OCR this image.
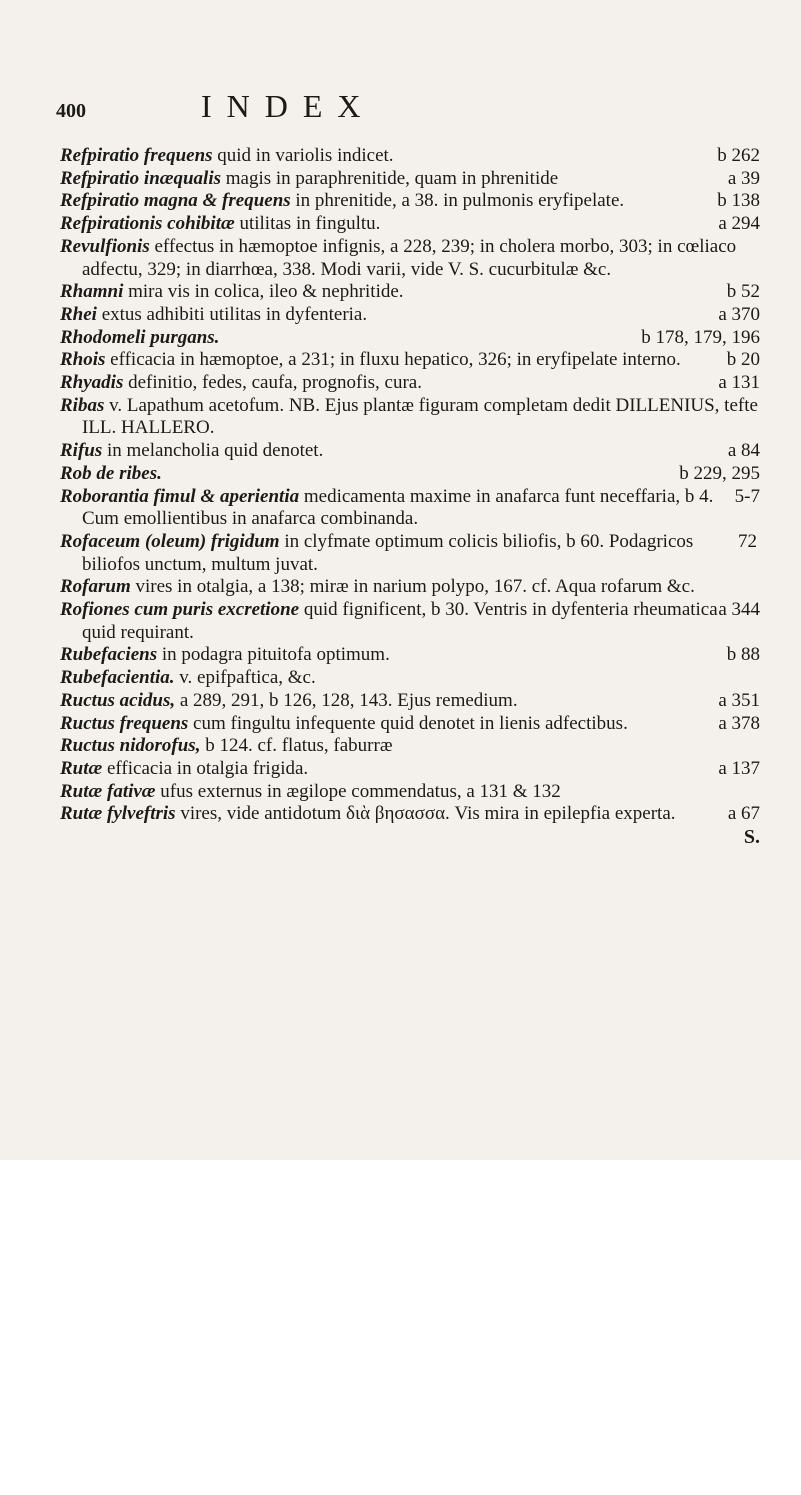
400	INDEX
b 262
Refpiratio frequens quid in variolis indicet.
a 39
Refpiratio inæqualis magis in paraphrenitide, quam in phrenitide
b 138
Refpiratio magna & frequens in phrenitide, a 38. in pulmonis eryfipelate.
a 294
Refpirationis cohibitæ utilitas in fingultu.
Revulfionis effectus in hæmoptoe infignis, a 228, 239; in cholera morbo, 303; in cœliaco adfectu, 329; in diarrhœa, 338. Modi varii, vide V. S. cucurbitulæ &c.
b 52
Rhamni mira vis in colica, ileo & nephritide.
a 370
Rhei extus adhibiti utilitas in dyfenteria.
b 178, 179, 196
Rhodomeli purgans.
b 20
Rhois efficacia in hæmoptoe, a 231; in fluxu hepatico, 326; in eryfipelate interno.
a 131
Rhyadis definitio, fedes, caufa, prognofis, cura.
Ribas v. Lapathum acetofum. NB. Ejus plantæ figuram completam dedit DILLENIUS, tefte ILL. HALLERO.
a 84
Rifus in melancholia quid denotet.
b 229, 295
Rob de ribes.
5-7
Roborantia fimul & aperientia medicamenta maxime in anafarca funt neceffaria, b 4. Cum emollientibus in anafarca combinanda.
72
Rofaceum (oleum) frigidum in clyfmate optimum colicis biliofis, b 60. Podagricos biliofos unctum, multum juvat.
Rofarum vires in otalgia, a 138; miræ in narium polypo, 167. cf. Aqua rofarum &c.
a 344
Rofiones cum puris excretione quid fignificent, b 30. Ventris in dyfenteria rheumatica quid requirant.
b 88
Rubefaciens in podagra pituitofa optimum.
Rubefacientia. v. epifpaftica, &c.
a 351
Ructus acidus, a 289, 291, b 126, 128, 143. Ejus remedium.
a 378
Ructus frequens cum fingultu infequente quid denotet in lienis adfectibus.
Ructus nidorofus, b 124. cf. flatus, faburræ
a 137
Rutæ efficacia in otalgia frigida.
Rutæ fativæ ufus externus in ægilope commendatus, a 131 & 132
a 67
Rutæ fylveftris vires, vide antidotum διὰ βησασσα. Vis mira in epilepfia experta.
S.
